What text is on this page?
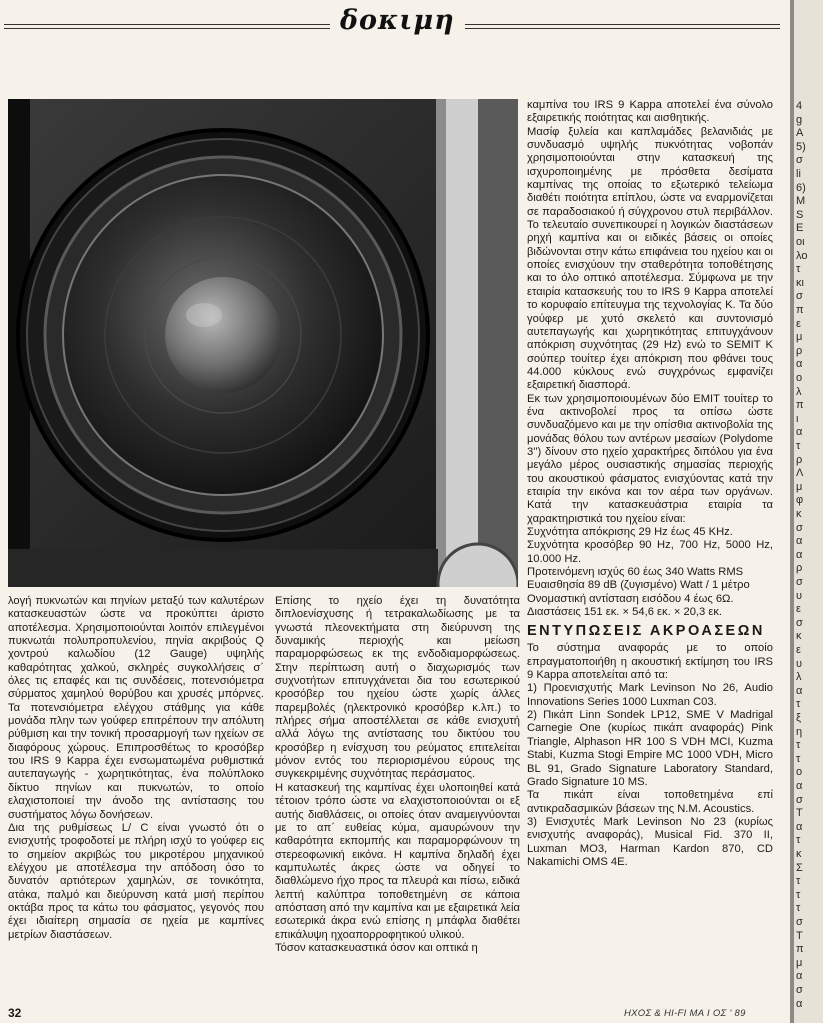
δοκιμη

λογή πυκνωτών και πηνίων μεταξύ των καλυτέρων κατασκευαστών ώστε να προκύπτει άριστο αποτέλεσμα. Χρησιμοποιούνται λοιπόν επιλεγμένοι πυκνωτάι πολυπροπυλενίου, πηνία ακριβούς Q χοντρού καλωδίου (12 Gauge) υψηλής καθαρότητας χαλκού, σκληρές συγκολλήσεις σ΄ όλες τις επαφές και τις συνδέσεις, ποτενσιόμετρα σύρματος χαμηλού θορύβου και χρυσές μπόρνες. Τα ποτενσιόμετρα ελέγχου στάθμης για κάθε μονάδα πλην των γούφερ επιτρέπουν την απόλυτη ρύθμιση και την τονική προσαρμογή των ηχείων σε διαφόρους χώρους. Επιπροσθέτως το κροσόβερ του IRS 9 Kappa έχει ενσωματωμένα ρυθμιστικά αυτεπαγωγής - χωρητικότητας, ένα πολύπλοκο δίκτυο πηνίων και πυκνωτών, το οποίο ελαχιστοποιεί την άνοδο της αντίστασης του συστήματος λόγω δονήσεων.

Δια της ρυθμίσεως L/ C είναι γνωστό ότι ο ενισχυτής τροφοδοτεί με πλήρη ισχύ το γούφερ εις το σημείον ακριβώς του μικροτέρου μηχανικού ελέγχου με αποτέλεσμα την απόδοση όσο το δυνατόν αρτιότερων χαμηλών, σε τονικότητα, ατάκα, παλμό και διεύρυνση κατά μισή περίπου οκτάβα προς τα κάτω του φάσματος, γεγονός που έχει ιδιαίτερη σημασία σε ηχεία με καμπίνες μετρίων διαστάσεων.

Επίσης το ηχείο έχει τη δυνατότητα διπλοενίσχυσης ή τετρακαλωδίωσης με τα γνωστά πλεονεκτήματα στη διεύρυνση της δυναμικής περιοχής και μείωση παραμορφώσεως εκ της ενδοδιαμορφώσεως. Στην περίπτωση αυτή ο διαχωρισμός των συχνοτήτων επιτυγχάνεται δια του εσωτερικού κροσόβερ του ηχείου ώστε χωρίς άλλες παρεμβολές (ηλεκτρονικό κροσόβερ κ.λπ.) το πλήρες σήμα αποστέλλεται σε κάθε ενισχυτή αλλά λόγω της αντίστασης του δικτύου του κροσόβερ η ενίσχυση του ρεύματος επιτελείται μόνον εντός του περιορισμένου εύρους της συγκεκριμένης συχνότητας περάσματος.

Η κατασκευή της καμπίνας έχει υλοποιηθεί κατά τέτοιον τρόπο ώστε να ελαχιστοποιούνται οι εξ αυτής διαθλάσεις, οι οποίες όταν αναμειγνύονται με το απ΄ ευθείας κύμα, αμαυρώνουν την καθαρότητα εκπομπής και παραμορφώνουν τη στερεοφωνική εικόνα. Η καμπίνα δηλαδή έχει καμπυλωτές άκρες ώστε να οδηγεί το διαθλώμενο ήχο προς τα πλευρά και πίσω, ειδικά λεπτή καλύπτρα τοποθετημένη σε κάποια απόσταση από την καμπίνα και με εξαιρετικά λεία εσωτερικά άκρα ενώ επίσης η μπάφλα διαθέτει επικάλυψη ηχοαπορροφητικού υλικού.

Τόσον κατασκευαστικά όσον και οπτικά η

καμπίνα του IRS 9 Kappa αποτελεί ένα σύνολο εξαιρετικής ποιότητας και αισθητικής.

Μασίφ ξυλεία και καπλαμάδες βελανιδιάς με συνδυασμό υψηλής πυκνότητας νοβοπάν χρησιμοποιούνται στην κατασκευή της ισχυροποιημένης με πρόσθετα δεσίματα καμπίνας της οποίας το εξωτερικό τελείωμα διαθέτι ποιότητα επίπλου, ώστε να εναρμονίζεται σε παραδοσιακού ή σύγχρονου στυλ περιβάλλον. Το τελευταίο συνεπικουρεί η λογικών διαστάσεων ρηχή καμπίνα και οι ειδικές βάσεις οι οποίες βιδώνονται στην κάτω επιφάνεια του ηχείου και οι οποίες ενισχύουν την σταθερότητα τοποθέτησης και το όλο οπτικό αποτέλεσμα. Σύμφωνα με την εταιρία κατασκευής του το IRS 9 Kappa αποτελεί το κορυφαίο επίτευγμα της τεχνολογίας Κ. Τα δύο γούφερ με χυτό σκελετό και συντονισμό αυτεπαγωγής και χωρητικότητας επιτυγχάνουν απόκριση συχνότητας (29 Hz) ενώ το SEMIT K σούπερ τουίτερ έχει απόκριση που φθάνει τους 44.000 κύκλους ενώ συγχρόνως εμφανίζει εξαιρετική διασπορά.

Εκ των χρησιμοποιουμένων δύο EMIT τουίτερ το ένα ακτινοβολεί προς τα οπίσω ώστε συνδυαζόμενο και με την οπίσθια ακτινοβολία της μονάδας θόλου των αντέρων μεσαίων (Polydome 3'') δίνουν στο ηχείο χαρακτήρες διπόλου για ένα μεγάλο μέρος ουσιαστικής σημασίας περιοχής του ακουστικού φάσματος ενισχύοντας κατά την εταιρία την εικόνα και τον αέρα των οργάνων. Κατά την κατασκευάστρια εταιρία τα χαρακτηριστικά του ηχείου είναι:

Συχνότητα απόκρισης 29 Hz έως 45 KHz.

Συχνότητα κροσόβερ 90 Hz, 700 Hz, 5000 Hz, 10.000 Hz.

Προτεινόμενη ισχύς 60 έως 340 Watts RMS

Ευαισθησία 89 dB (ζυγισμένο) Watt / 1 μέτρο

Ονομαστική αντίσταση εισόδου 4 έως 6Ω.

Διαστάσεις 151 εκ. × 54,6 εκ. × 20,3 εκ.

ΕΝΤΥΠΩΣΕΙΣ ΑΚΡΟΑΣΕΩΝ

Το σύστημα αναφοράς με το οποίο επραγματοποιήθη η ακουστική εκτίμηση του IRS 9 Kappa αποτελείται από τα:

1) Προενισχυτής Mark Levinson No 26, Audio Innovations Series 1000 Luxman C03.

2) Πικάπ Linn Sondek LP12, SME V Madrigal Carnegie One (κυρίως πικάπ αναφοράς) Pink Triangle, Alphason HR 100 S VDH MCI, Kuzma Stabi, Kuzma Stogi Empire MC 1000 VDH, Micro BL 91, Grado Signature Laboratory Standard, Grado Signature 10 MS.

Τα πικάπ είναι τοποθετημένα επί αντικραδασμικών βάσεων της N.M. Acoustics.

3) Ενισχυτές Mark Levinson No 23 (κυρίως ενισχυτής αναφοράς), Musical Fid. 370 II, Luxman MO3, Harman Kardon 870, CD Nakamichi OMS 4E.

32	ΗΧΟΣ & HI-FI ΜΑ Ι ΟΣ ' 89
4
g
A
5)
σ
li
6)
M
S
E
οι
λο
τ
κι
σ
π
ε
μ
ρ
α
ο
λ
π
ι
α
τ
ρ
Λ
μ
φ
κ
σ
α
α
ρ
σ
υ
ε
σ
κ
ε
υ
λ
α
τ
ξ
η
τ
τ
ο
α
σ
Τ
α
τ
κ
Σ
τ
τ
τ
σ
Τ
π
μ
α
σ
α
